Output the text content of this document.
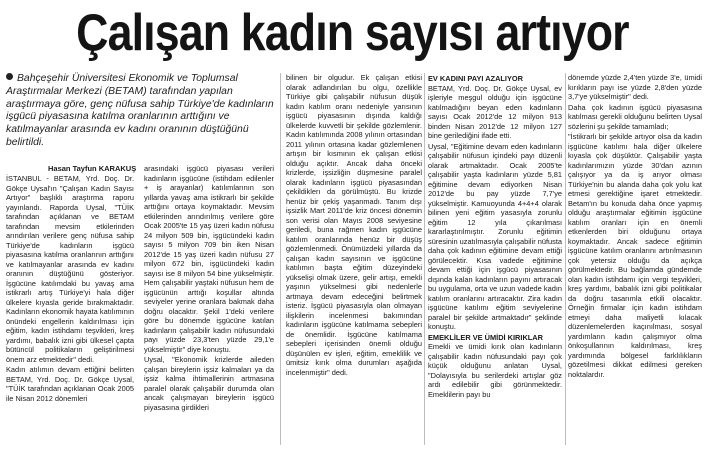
Çalışan kadın sayısı artıyor
Bahçeşehir Üniversitesi Ekonomik ve Toplumsal Araştırmalar Merkezi (BETAM) tarafından yapılan araştırmaya göre, genç nüfusa sahip Türkiye'de kadınların işgücü piyasasına katılma oranlarının arttığını ve katılmayanlar arasında ev kadını oranının düştüğünü belirtildi.
Hasan Tayfun KARAKUŞ

İSTANBUL - BETAM, Yrd. Doç. Dr. Gökçe Uysal'ın "Çalışan Kadın Sayısı Artıyor" başlıklı araştırma raporu yayınlandı. Raporda Uysal, "TÜİK tarafından açıklanan ve BETAM tarafından mevsim etkilerinden arındırılan verilere genç nüfusa sahip Türkiye'de kadınların işgücü piyasasına katılma oranlarının arttığını ve katılmayanlar arasında ev kadını oranının düştüğünü gösteriyor. İşgücüne katılımdaki bu yavaş ama istikrarlı artış Türkiye'yi hala diğer ülkelere kıyasla geride bırakmaktadır. Kadınların ekonomik hayata katılımının önündeki engellerin kaldırılması için eğitim, kadın istihdamı teşvikleri, kreş yardımı, babalık izni gibi ülkesel çapta bütüncül politikaların geliştirilmesi önem arz etmektedir" dedi.

Kadın atılımın devam ettiğini belirten BETAM, Yrd. Doç. Dr. Gökçe Uysal, "TÜİK tarafından açıklanan Ocak 2005 ile Nisan 2012 dönemleri

arasındaki işgücü piyasası verileri kadınların işgücüne (istihdam edilenler + iş arayanlar) katılımlarının son yıllarda yavaş ama istikrarlı bir şekilde arttığını ortaya koymaktadır. Mevsim etkilerinden arındırılmış verilere göre Ocak 2005'te 15 yaş üzeri kadın nüfusu 24 milyon 509 bin, işgücündeki kadın sayısı 5 milyon 709 bin iken Nisan 2012'de 15 yaş üzeri kadın nüfusu 27 milyon 672 bin, işgücündeki kadın sayısı ise 8 milyon 54 bine yükselmiştir. Hem çalışabilir yaştaki nüfusun hem de işgücünün arttığı koşullar altında seviyeler yerine oranlara bakmak daha doğru olacaktır. Şekil 1'deki verilere göre bu dönemde işgücüne katılan kadınların çalışabilir kadın nüfusundaki payı yüzde 23,3'ten yüzde 29,1'e yükselmiştir" diye konuştu.

Uysal, "Ekonomik krizlerde aileden çalışan bireylerin işsiz kalmaları ya da işsiz kalma ihtimallerinin artmasına paralel olarak çalışabilir durumda olan ancak çalışmayan bireylerin işgücü piyasasına girdikleri

bilinen bir olgudur. Ek çalışan etkisi olarak adlandırılan bu olgu, özellikle Türkiye gibi çalışabilir nüfusun düşük kadın katılım oranı nedeniyle yarısının işgücü piyasasının dışında kaldığı ülkelerde kuvvetli bir şekilde gözlemlenir. Kadın katılımında 2008 yılının ortasından 2011 yılının ortasına kadar gözlemlenen artışın bir kısmının ek çalışan etkisi olduğu açıktır. Ancak daha önceki krizlerde, işsizliğin düşmesine paralel olarak kadınların işgücü piyasasından çekildiklerı da görülmüştü. Bu krizde henüz bir çekiş yaşanmadı. Tanım dışı işsizlik Mart 2011'de kriz öncesi dönemin son verisi olan Mayıs 2008 seviyesine geriledi, buna rağmen kadın işgücüne katılım oranlarında henüz bir düşüş gözlemlenmedi. Önümüzdeki yıllarda da çalışan kadın sayısının ve işgücüne katılımın başta eğitim düzeyindeki yükselişi olmak üzere, gelir artışı, emekli yaşının yükselmesi gibi nedenlerle artmaya devam edeceğini belirtmek isteriz. İşgücü piyasasıyla olan olmayan ilişkilerin incelenmesi bakımından kadınların işgücüne katılmama sebepleri de önemlidir. İşgücüne katılmama sebepleri içerisinden önemli olduğu düşünülen ev işleri, eğitim, emeklilik ve ümitsiz kırık olma durumları aşağıda incelenmiştir" dedi.

EV KADINI PAYI AZALIYOR

BETAM, Yrd. Doç. Dr. Gökçe Uysal, ev işleriyle meşgul olduğu için işgücüne katılmadığını beyan eden kadınların sayısı Ocak 2012'de 12 milyon 913 binden Nisan 2012'de 12 milyon 127 bine gerilediğini ifade etti.

Uysal, "Eğitimine devam eden kadınların çalışabilir nüfusun içindeki payı düzenli olarak artmaktadır. Ocak 2005'te çalışabilir yaşta kadınların yüzde 5,81 eğitimine devam ediyorken Nisan 2012'de bu pay yüzde 7,7'ye yükselmiştir. Kamuoyunda 4+4+4 olarak bilinen yeni eğitim yasasıyla zorunlu eğitim 12 yıla çıkarılması kararlaştırılmıştır. Zorunlu eğitimin süresinin uzatılmasıyla çalışabilir nüfusta daha çok kadının eğitimine devam ettiği görülecektir. Kısa vadede eğitimine devam ettiği için işgücü piyasasının dışında kalan kadınların payını artıracak bu uygulama, orta ve uzun vadede kadın katılım oranlarını artıracaktır. Zira kadın işgücüne katılımı eğitim seviyelerine paralel bir şekilde artmaktadır" şeklinde konuştu.

EMEKLİLER VE ÜMİDİ KIRIKLAR

Emekli ve ümidi kırık olan kadınların çalışabilir kadın nüfusundaki payı çok küçük olduğunu anlatan Uysal, "Dolayısıyla bu serilerdeki artışlar göz ardı edilebilir gibi görünmektedir. Emeklilerin payı bu

dönemde yüzde 2,4'ten yüzde 3'e, ümidi kırıkların payı ise yüzde 2,8'den yüzde 3,7'ye yükselmiştir" dedi.

Daha çok kadının işgücü piyasasına katılması gerekli olduğunu belirten Uysal sözlerini şu şekilde tamamladı;

"İstikrarlı bir şekilde artıyor olsa da kadın işgücüne katılımı hala diğer ülkelere kıyasla çok düşüktür. Çalışabilir yaşta kadınlarımızın yüzde 30'dan azının çalışıyor ya da iş arıyor olması Türkiye'nin bu alanda daha çok yolu kat etmesi gerektiğine işaret etmektedir. Betam'ın bu konuda daha önce yapmış olduğu araştırmalar eğitimin işgücüne katılım oranları için en önemli etkenlerden biri olduğunu ortaya koymaktadır. Ancak sadece eğitimin işgücüne katılım oranlarını artırılmasının çok yetersiz olduğu da açıkça görülmektedir. Bu bağlamda gündemde olan kadın istihdamı için vergi teşvikleri, kreş yardımı, babalık izni gibi politikalar da doğru tasarımla etkili olacaktır. Örneğin firmalar için kadın istihdam etmeyi daha maliyetli kılacak düzenlemelerden kaçınılması, sosyal yardımların kadın çalışmıyor olma önkoşullarının kaldırılması, kreş yardımında bölgesel farklılıkların gözetilmesi dikkat edilmesi gereken noktalardır.
